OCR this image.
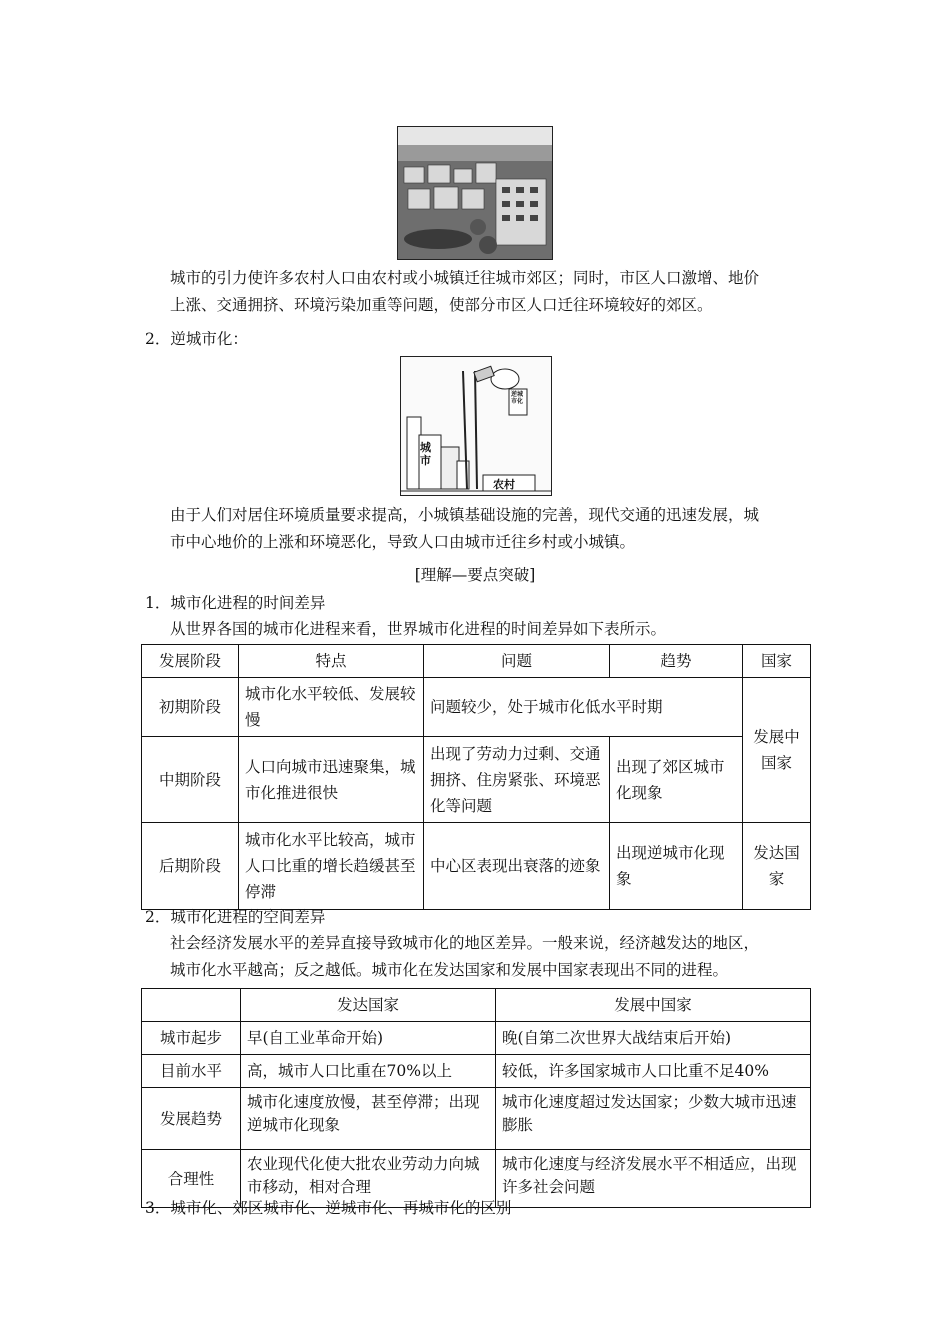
城市的引力使许多农村人口由农村或小城镇迁往城市郊区；同时，市区人口激增、地价
上涨、交通拥挤、环境污染加重等问题，使部分市区人口迁往环境较好的郊区。
2．逆城市化：
城市
农村
逆城市化
由于人们对居住环境质量要求提高，小城镇基础设施的完善，现代交通的迅速发展，城
市中心地价的上涨和环境恶化，导致人口由城市迁往乡村或小城镇。
[理解—要点突破]
1．城市化进程的时间差异
从世界各国的城市化进程来看，世界城市化进程的时间差异如下表所示。
发展阶段	特点	问题	趋势	国家
初期阶段	城市化水平较低、发展较慢	问题较少，处于城市化低水平时期		发展中国家
中期阶段	人口向城市迅速聚集，城市化推进很快	出现了劳动力过剩、交通拥挤、住房紧张、环境恶化等问题	出现了郊区城市化现象	
后期阶段	城市化水平比较高，城市人口比重的增长趋缓甚至停滞	中心区表现出衰落的迹象	出现逆城市化现象	发达国家
2．城市化进程的空间差异
社会经济发展水平的差异直接导致城市化的地区差异。一般来说，经济越发达的地区，
城市化水平越高；反之越低。城市化在发达国家和发展中国家表现出不同的进程。
	发达国家	发展中国家
城市起步	早(自工业革命开始)	晚(自第二次世界大战结束后开始)
目前水平	高，城市人口比重在70%以上	较低，许多国家城市人口比重不足40%
发展趋势	城市化速度放慢，甚至停滞；出现逆城市化现象	城市化速度超过发达国家；少数大城市迅速膨胀
合理性	农业现代化使大批农业劳动力向城市移动，相对合理	城市化速度与经济发展水平不相适应，出现许多社会问题
3．城市化、郊区城市化、逆城市化、再城市化的区别
